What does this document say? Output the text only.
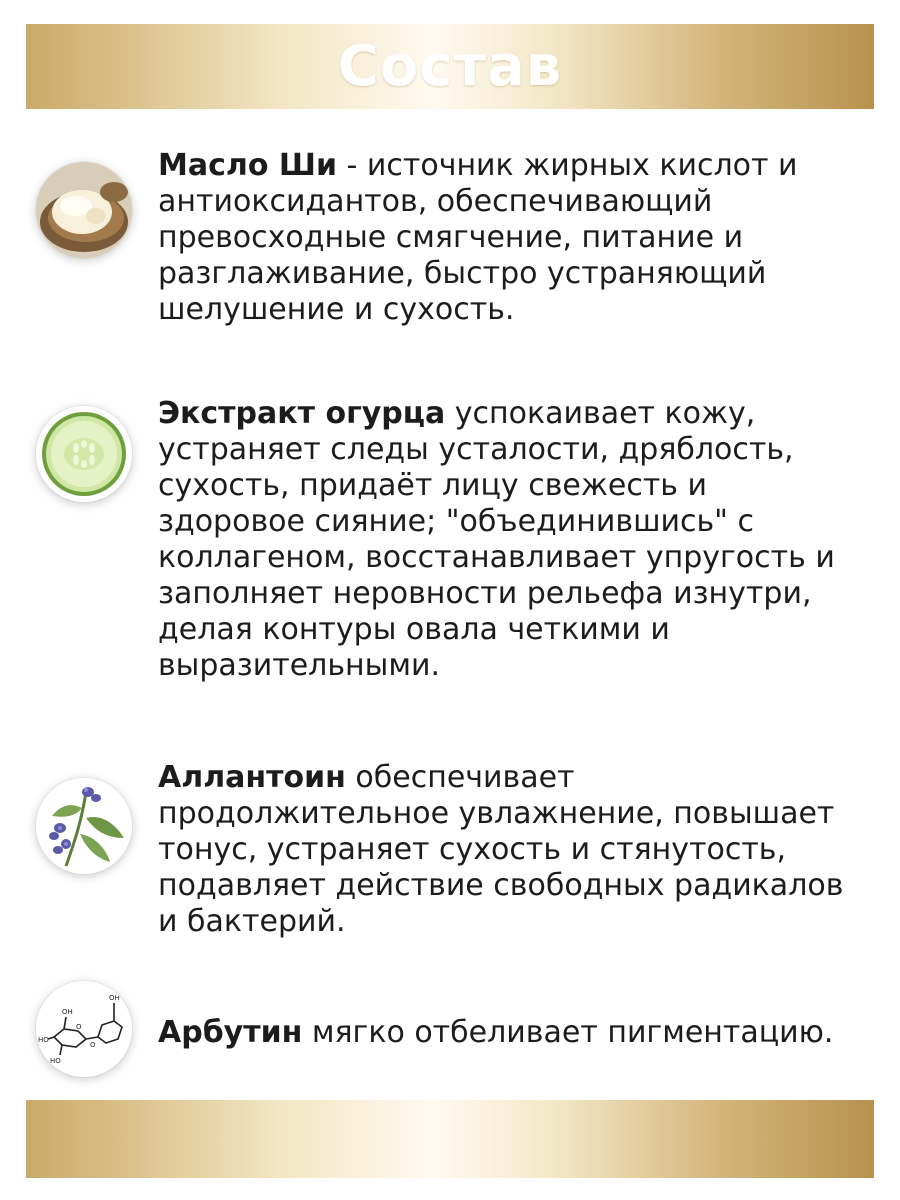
Состав
Масло Ши - источник жирных кислот и антиоксидантов, обеспечивающий превосходные смягчение, питание и разглаживание, быстро устраняющий шелушение и сухость.
Экстракт огурца успокаивает кожу, устраняет следы усталости, дряблость, сухость, придаёт лицу свежесть и здоровое сияние; "объединившись" с коллагеном, восстанавливает упругость и заполняет неровности рельефа изнутри, делая контуры овала четкими и выразительными.
Аллантоин обеспечивает продолжительное увлажнение, повышает тонус, устраняет сухость и стянутость, подавляет действие свободных радикалов и бактерий.
OH
OH
HO
HO
O
O Арбутин мягко отбеливает пигментацию.
